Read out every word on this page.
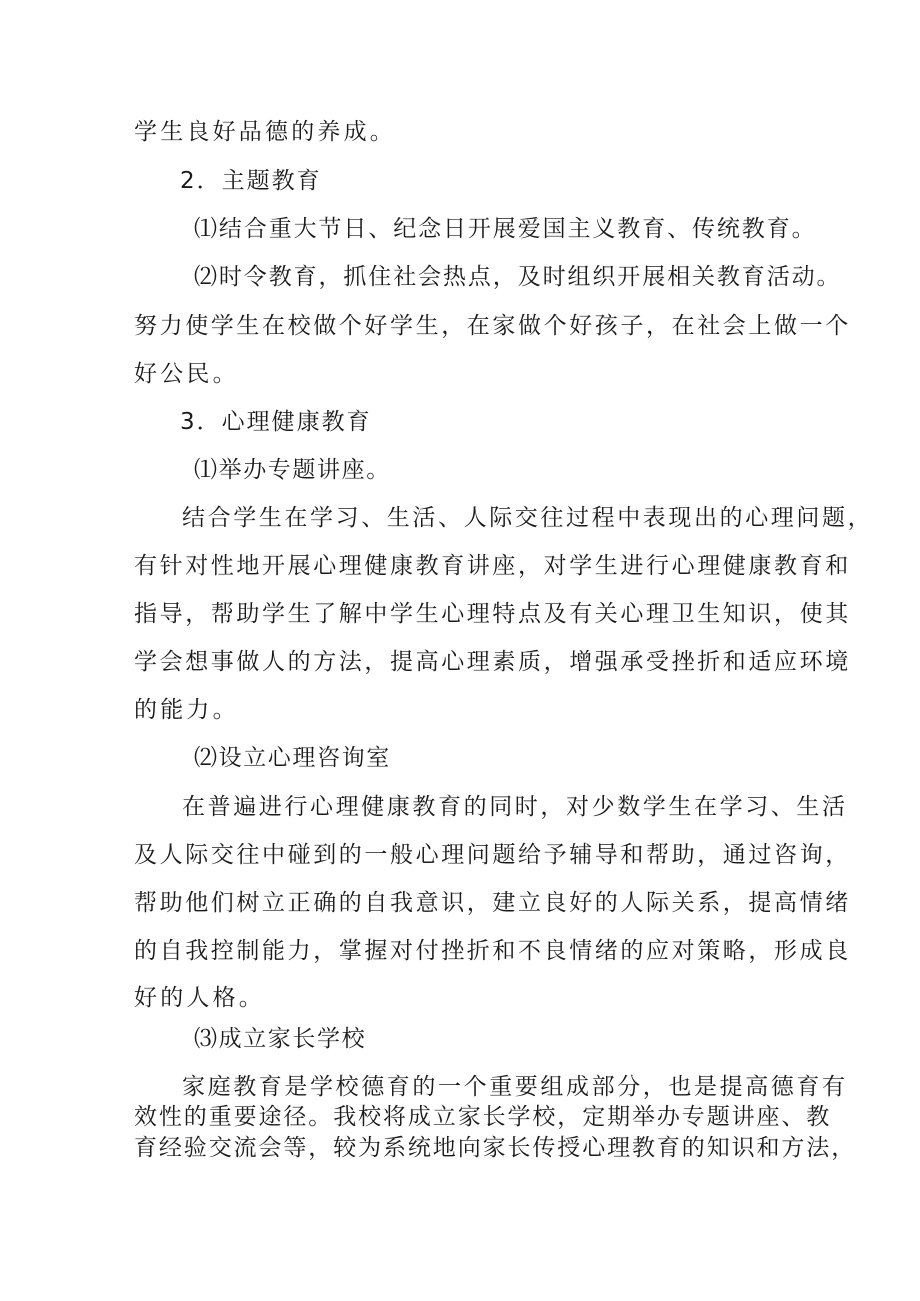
学生良好品德的养成。
2．主题教育
⑴结合重大节日、纪念日开展爱国主义教育、传统教育。
⑵时令教育，抓住社会热点，及时组织开展相关教育活动。
努力使学生在校做个好学生，在家做个好孩子，在社会上做一个
好公民。
3．心理健康教育
⑴举办专题讲座。
结合学生在学习、生活、人际交往过程中表现出的心理问题，
有针对性地开展心理健康教育讲座，对学生进行心理健康教育和
指导，帮助学生了解中学生心理特点及有关心理卫生知识，使其
学会想事做人的方法，提高心理素质，增强承受挫折和适应环境
的能力。
⑵设立心理咨询室
在普遍进行心理健康教育的同时，对少数学生在学习、生活
及人际交往中碰到的一般心理问题给予辅导和帮助，通过咨询，
帮助他们树立正确的自我意识，建立良好的人际关系，提高情绪
的自我控制能力，掌握对付挫折和不良情绪的应对策略，形成良
好的人格。
⑶成立家长学校
家庭教育是学校德育的一个重要组成部分，也是提高德育有
效性的重要途径。我校将成立家长学校，定期举办专题讲座、教
育经验交流会等，较为系统地向家长传授心理教育的知识和方法，
